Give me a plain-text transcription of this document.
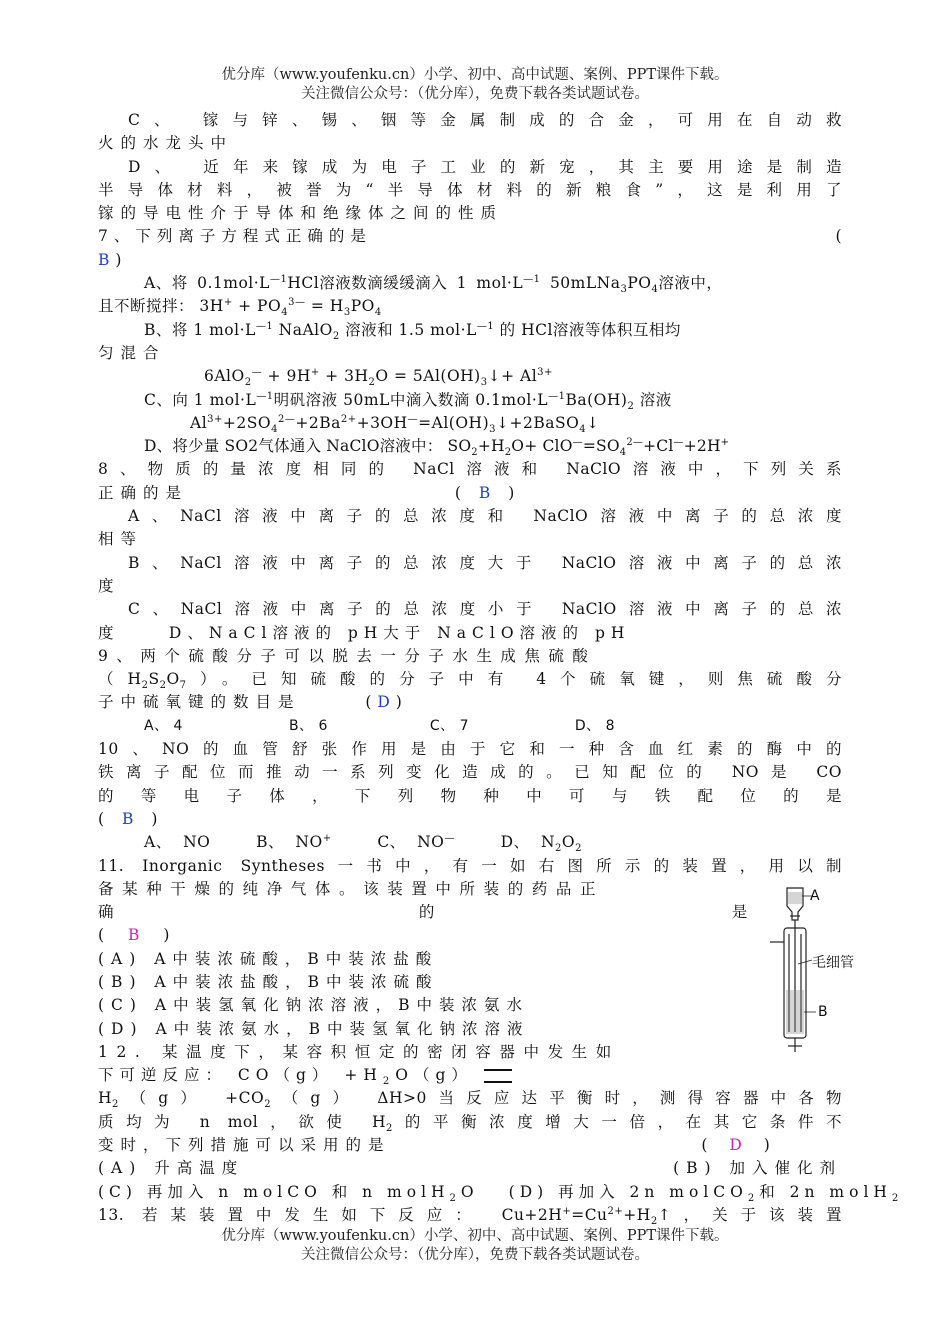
优分库（www.youfenku.cn）小学、初中、高中试题、案例、PPT课件下载。
关注微信公众号：（优分库），免费下载各类试题试卷。
C、 镓与锌、锡、铟等金属制成的合金，可用在自动救
火的水龙头中
D、 近年来镓成为电子工业的新宠，其主要用途是制造
半导体材料，被誉为“半导体材料的新粮食”，这是利用了
镓的导电性介于导体和绝缘体之间的性质
7、下列离子方程式正确的是	(
B )
A、将 $0.1mol\cdot L^{—1}HCl$溶液数滴缓缓滴入 1 $mol\cdot L^{—1}$ $50mLNa_3PO_4$溶液中，
且不断搅拌： $3H^+ + PO_4^{3—} = H_3PO_4$
B、将 1 $mol\cdot L^{—1}$ NaAlO$_2$ 溶液和 1.5 $mol\cdot L^{—1}$ 的 HCl溶液等体积互相均
匀混合
$6AlO_2^— + 9H^+ + 3H_2O$ = $5Al(OH)_3↓+ Al^{3+}$
C、向 1 $mol\cdot L^{—1}$明矾溶液 50mL中滴入数滴 $0.1mol\cdot L^{—1}Ba(OH)_2$ 溶液
$Al^{3+}+2SO_4^{2—}+2Ba^{2+}+3OH^—=Al(OH)_3↓+2BaSO_4↓$
D、将少量 SO2气体通入 NaClO溶液中： $SO_2+H_2O+ ClO^—=SO_4^{2—}+Cl^—+2H^+$
8、物质的量浓度相同的 NaCl溶液和 NaClO溶液中，下列关系
正确的是	( B )
A、NaCl溶液中离子的总浓度和 NaClO溶液中离子的总浓度
相等
B、NaCl溶液中离子的总浓度大于 NaClO溶液中离子的总浓
度
C、NaCl溶液中离子的总浓度小于 NaClO溶液中离子的总浓
度	D、NaCl溶液的 pH大于 NaClO溶液的 pH
9、两个硫酸分子可以脱去一分子水生成焦硫酸
$(H_2S_2O_7)$。已知硫酸的分子中有 4个硫氧键，则焦硫酸分
子中硫氧键的数目是	( D )
A、 4	B、 6	C、 7	D、 8
10、NO的血管舒张作用是由于它和一种含血红素的酶中的
铁离子配位而推动一系列变化造成的。已知配位的 NO是 CO
的等电子体，下列物种中可与铁配位的是
( B )
A、 NO	B、 NO+	C、 NO—	D、 $N_2O_2$
11. Inorganic Syntheses一书中，有一如右图所示的装置，用以制
备某种干燥的纯净气体。该装置中所装的药品正
确	的	是
( B )
(A) A中装浓硫酸，B中装浓盐酸
(B) A中装浓盐酸，B中装浓硫酸
(C) A中装氢氧化钠浓溶液，B中装浓氨水
(D) A中装浓氨水，B中装氢氧化钠浓溶液
12. 某温度下，某容积恒定的密闭容器中发生如
下可逆反应： $CO(g) +H_2O(g)$
$H_2(g) +CO_2(g)$ ΔH>0当反应达平衡时，测得容器中各物
质均为 n mol，欲使 $H_2$的平衡浓度增大一倍，在其它条件不
变时，下列措施可以采用的是	( D )
(A) 升高温度	(B) 加入催化剂
(C) 再加入 n molCO 和 n molH$_2$O (D) 再加入 2n molCO$_2$和 2n molH$_2$
13. 若某装置中发生如下反应： $Cu+2H^+=Cu^{2+}+H_2↑$，关于该装置
A
毛细管
B
优分库（www.youfenku.cn）小学、初中、高中试题、案例、PPT课件下载。
关注微信公众号：（优分库），免费下载各类试题试卷。
